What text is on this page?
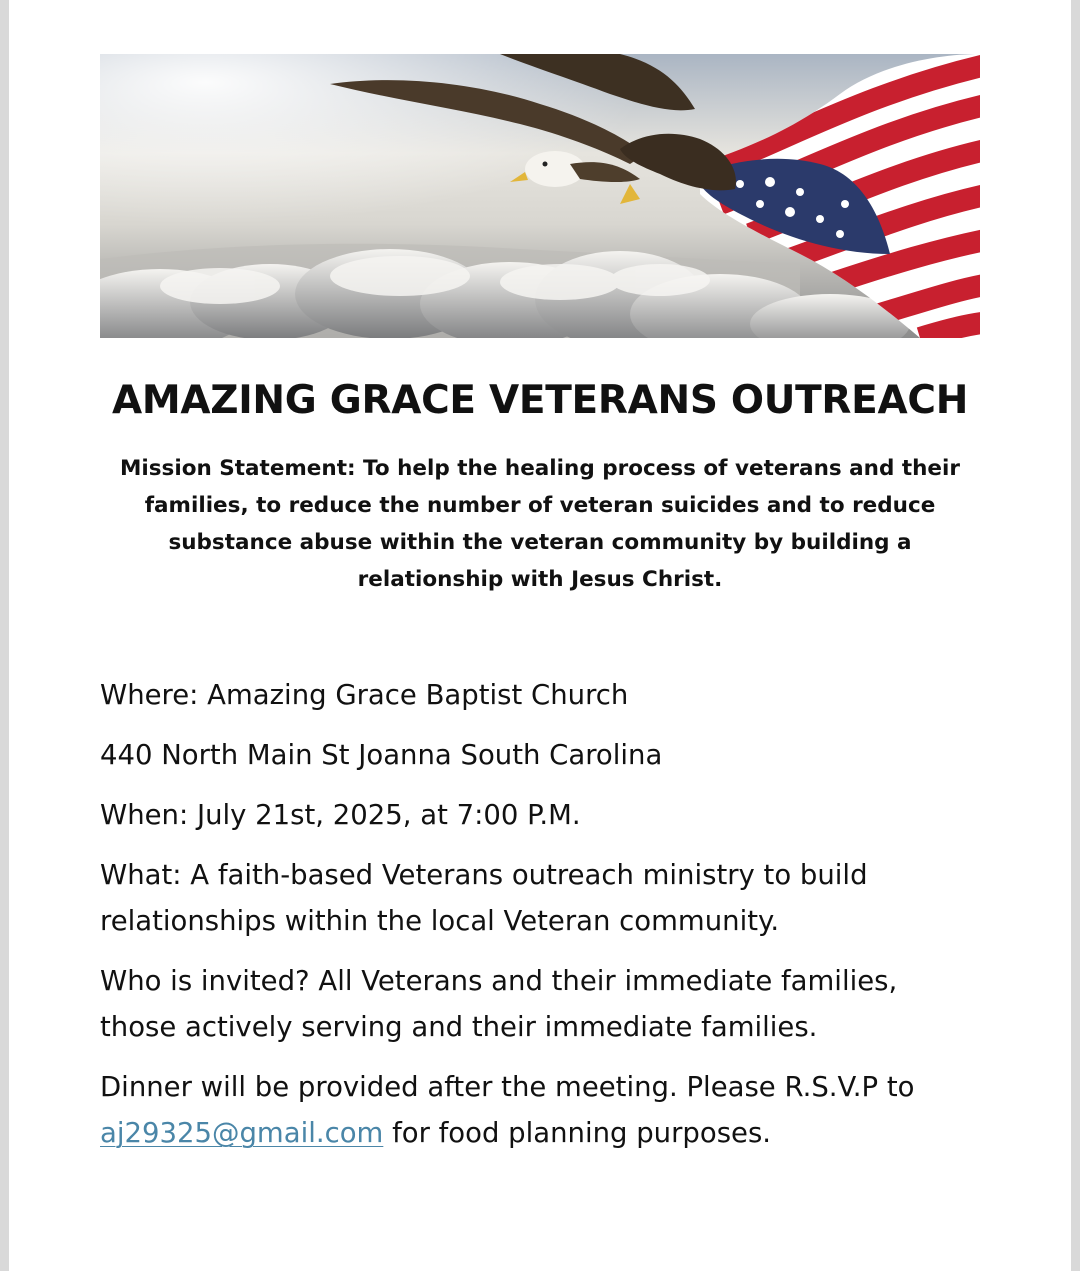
AMAZING GRACE VETERANS OUTREACH

Mission Statement: To help the healing process of veterans and their
families, to reduce the number of veteran suicides and to reduce
substance abuse within the veteran community by building a
relationship with Jesus Christ.

Where: Amazing Grace Baptist Church

440 North Main St Joanna South Carolina

When: July 21st, 2025, at 7:00 P.M.

What: A faith-based Veterans outreach ministry to build
relationships within the local Veteran community.

Who is invited? All Veterans and their immediate families,
those actively serving and their immediate families.

Dinner will be provided after the meeting. Please R.S.V.P to
aj29325@gmail.com for food planning purposes.
